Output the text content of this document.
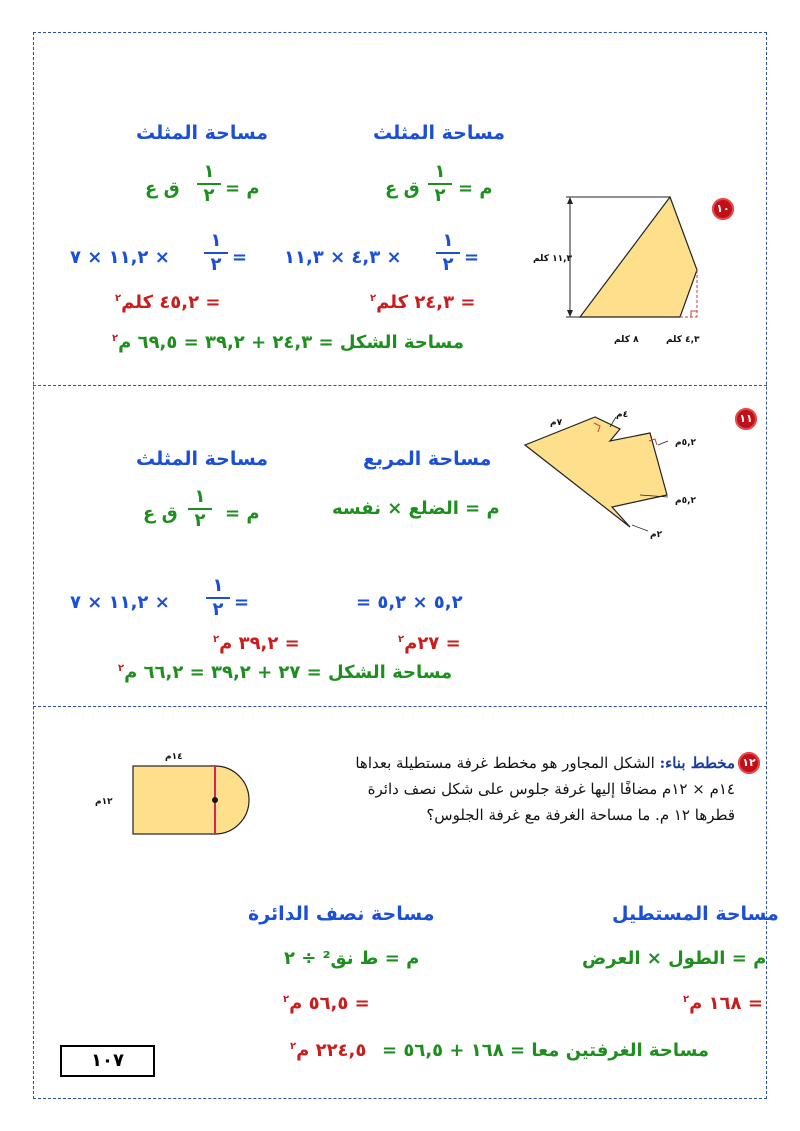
١٠
١١,٣ كلم
٨ كلم	٤,٣ كلم
مساحة المثلث
مساحة المثلث
م =
١
٢
ق ع
م =
١
٢
ق ع
=
١
٢
٤,٣ × ١١,٣ ×
=
١
٢
١١,٢ × ٧ ×
= ٢٤,٣ كلم$^٢$
= ٤٥,٢ كلم$^٢$
مساحة الشكل = ٢٤,٣ + ٣٩,٢ = ٦٩,٥ م$^٢$
١١
٧م
٤م
٥,٢م
٥,٢م
٢م
مساحة المربع
مساحة المثلث
م = الضلع × نفسه
م =
١
٢
ق ع
= ٥,٢ × ٥,٢
=
١
٢
١١,٢ × ٧ ×
= ٢٧م$^٢$
= ٣٩,٢ م$^٢$
مساحة الشكل = ٢٧ + ٣٩,٢ = ٦٦,٢ م$^٢$
١٢
مخطط بناء: الشكل المجاور هو مخطط غرفة مستطيلة بعداها ١٤م × ١٢م مضافًا إليها غرفة جلوس على شكل نصف دائرة قطرها ١٢ م. ما مساحة الغرفة مع غرفة الجلوس؟
١٤م
١٢م
مساحة المستطيل
مساحة نصف الدائرة
م = الطول × العرض
م = ط نق² ÷ ٢
= ١٦٨ م$^٢$
= ٥٦,٥ م$^٢$
مساحة الغرفتين معا = ١٦٨ + ٥٦,٥ =
٢٢٤,٥ م$^٢$
١٠٧
